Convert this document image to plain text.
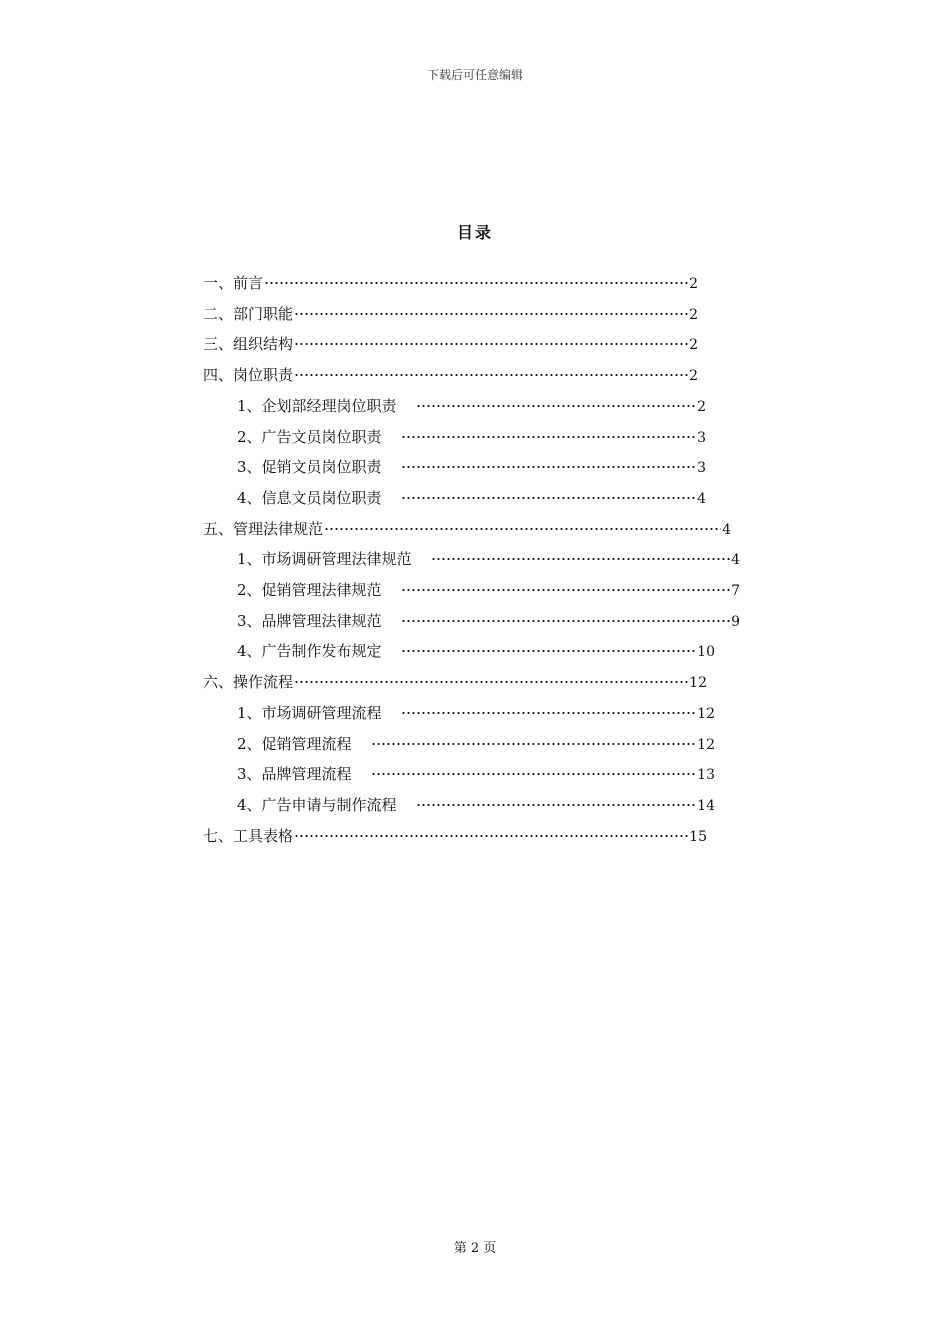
下载后可任意编辑
目录
一、前言	2
二、部门职能	2
三、组织结构	2
四、岗位职责	2
1、企划部经理岗位职责	2
2、广告文员岗位职责	3
3、促销文员岗位职责	3
4、信息文员岗位职责	4
五、管理法律规范	4
1、市场调研管理法律规范	4
2、促销管理法律规范	7
3、品牌管理法律规范	9
4、广告制作发布规定	10
六、操作流程	12
1、市场调研管理流程	12
2、促销管理流程	12
3、品牌管理流程	13
4、广告申请与制作流程	14
七、工具表格	15
第 2 页
